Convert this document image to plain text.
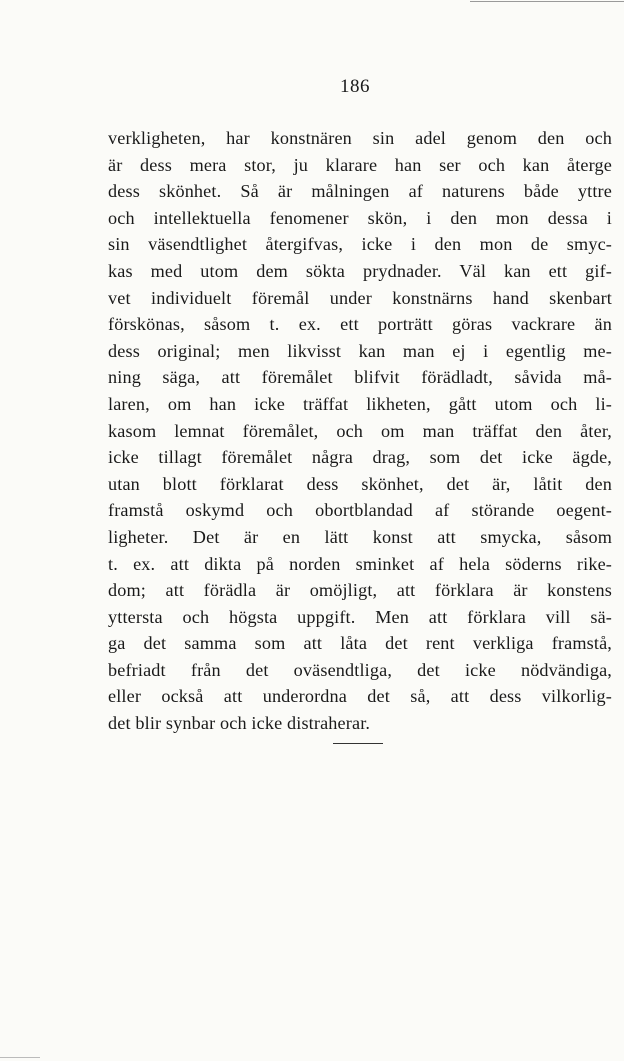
186
verkligheten, har konstnären sin adel genom den och
är dess mera stor, ju klarare han ser och kan återge
dess skönhet. Så är målningen af naturens både yttre
och intellektuella fenomener skön, i den mon dessa i
sin väsendtlighet återgifvas, icke i den mon de smyc-
kas med utom dem sökta prydnader. Väl kan ett gif-
vet individuelt föremål under konstnärns hand skenbart
förskönas, såsom t. ex. ett porträtt göras vackrare än
dess original; men likvisst kan man ej i egentlig me-
ning säga, att föremålet blifvit förädladt, såvida må-
laren, om han icke träffat likheten, gått utom och li-
kasom lemnat föremålet, och om man träffat den åter,
icke tillagt föremålet några drag, som det icke ägde,
utan blott förklarat dess skönhet, det är, låtit den
framstå oskymd och obortblandad af störande oegent-
ligheter. Det är en lätt konst att smycka, såsom
t. ex. att dikta på norden sminket af hela söderns rike-
dom; att förädla är omöjligt, att förklara är konstens
yttersta och högsta uppgift. Men att förklara vill sä-
ga det samma som att låta det rent verkliga framstå,
befriadt från det oväsendtliga, det icke nödvändiga,
eller också att underordna det så, att dess vilkorlig-
det blir synbar och icke distraherar.
